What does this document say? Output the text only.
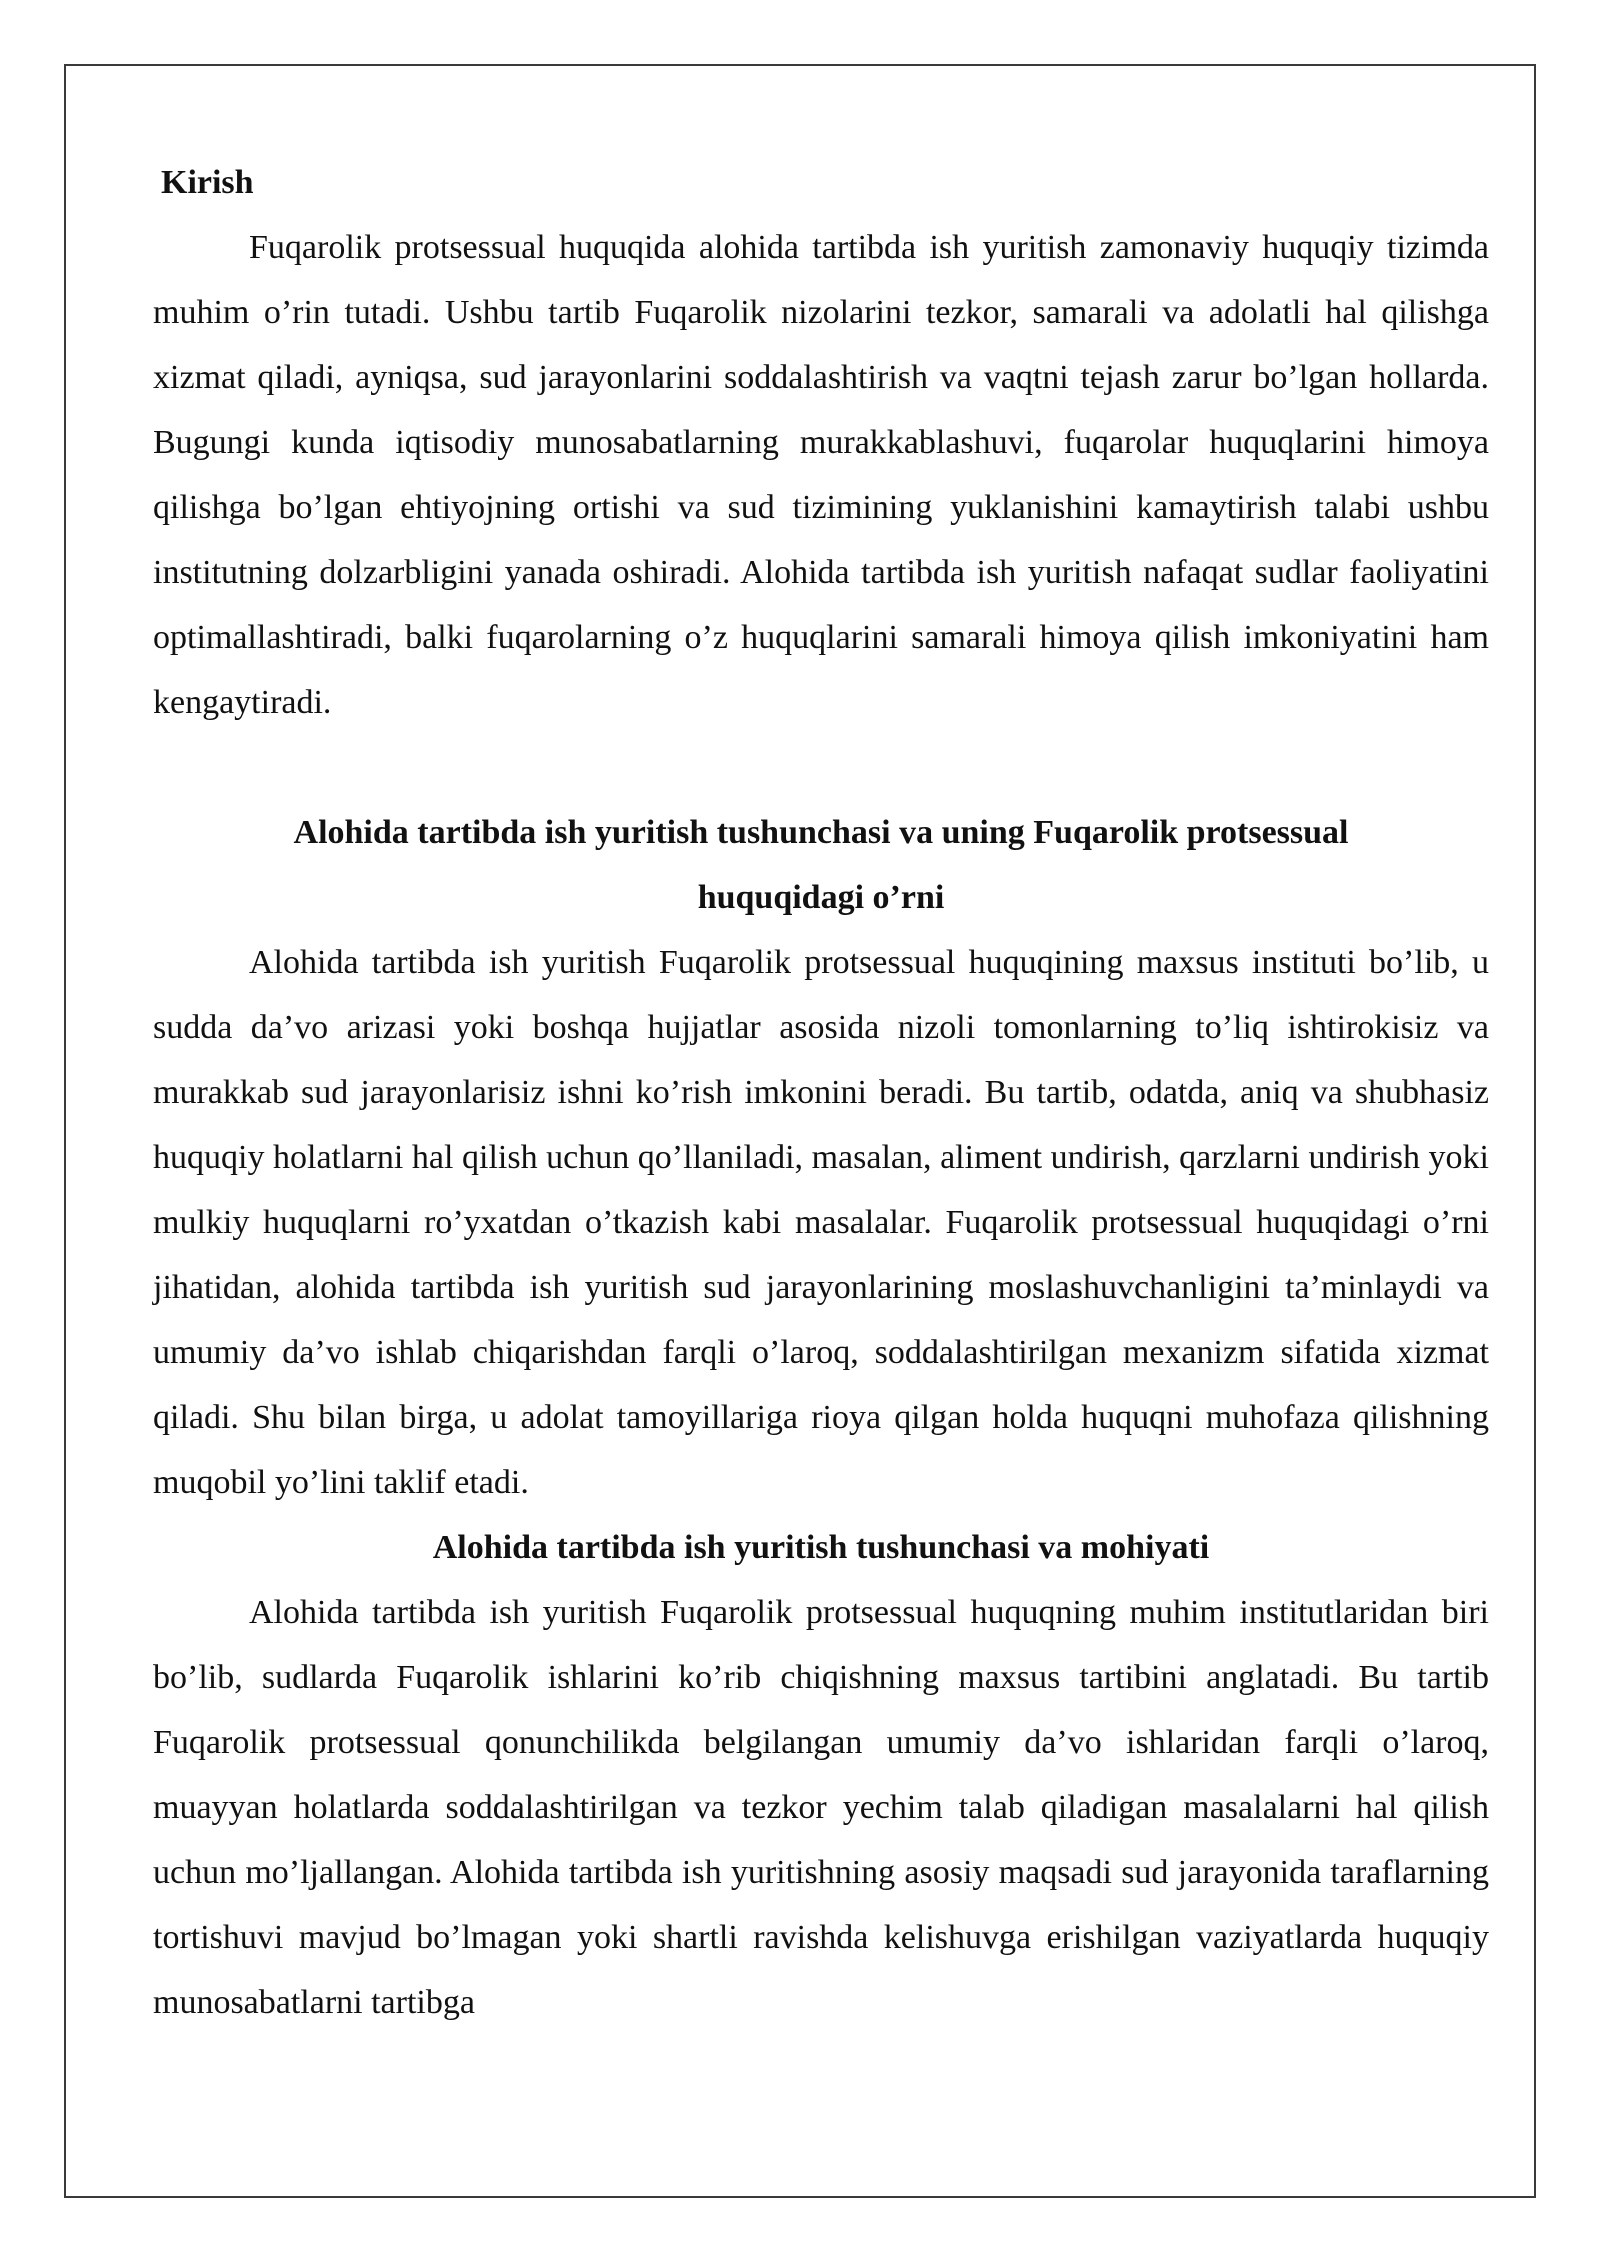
Kirish

Fuqarolik protsessual huquqida alohida tartibda ish yuritish zamonaviy huquqiy tizimda muhim o’rin tutadi. Ushbu tartib Fuqarolik nizolarini tezkor, samarali va adolatli hal qilishga xizmat qiladi, ayniqsa, sud jarayonlarini soddalashtirish va vaqtni tejash zarur bo’lgan hollarda. Bugungi kunda iqtisodiy munosabatlarning murakkablashuvi, fuqarolar huquqlarini himoya qilishga bo’lgan ehtiyojning ortishi va sud tizimining yuklanishini kamaytirish talabi ushbu institutning dolzarbligini yanada oshiradi. Alohida tartibda ish yuritish nafaqat sudlar faoliyatini optimallashtiradi, balki fuqarolarning o’z huquqlarini samarali himoya qilish imkoniyatini ham kengaytiradi.

Alohida tartibda ish yuritish tushunchasi va uning Fuqarolik protsessual

huquqidagi o’rni

Alohida tartibda ish yuritish Fuqarolik protsessual huquqining maxsus instituti bo’lib, u sudda da’vo arizasi yoki boshqa hujjatlar asosida nizoli tomonlarning to’liq ishtirokisiz va murakkab sud jarayonlarisiz ishni ko’rish imkonini beradi. Bu tartib, odatda, aniq va shubhasiz huquqiy holatlarni hal qilish uchun qo’llaniladi, masalan, aliment undirish, qarzlarni undirish yoki mulkiy huquqlarni ro’yxatdan o’tkazish kabi masalalar. Fuqarolik protsessual huquqidagi o’rni jihatidan, alohida tartibda ish yuritish sud jarayonlarining moslashuvchanligini ta’minlaydi va umumiy da’vo ishlab chiqarishdan farqli o’laroq, soddalashtirilgan mexanizm sifatida xizmat qiladi. Shu bilan birga, u adolat tamoyillariga rioya qilgan holda huquqni muhofaza qilishning muqobil yo’lini taklif etadi.

Alohida tartibda ish yuritish tushunchasi va mohiyati

Alohida tartibda ish yuritish Fuqarolik protsessual huquqning muhim institutlaridan biri bo’lib, sudlarda Fuqarolik ishlarini ko’rib chiqishning maxsus tartibini anglatadi. Bu tartib Fuqarolik protsessual qonunchilikda belgilangan umumiy da’vo ishlaridan farqli o’laroq, muayyan holatlarda soddalashtirilgan va tezkor yechim talab qiladigan masalalarni hal qilish uchun mo’ljallangan. Alohida tartibda ish yuritishning asosiy maqsadi sud jarayonida taraflarning tortishuvi mavjud bo’lmagan yoki shartli ravishda kelishuvga erishilgan vaziyatlarda huquqiy munosabatlarni tartibga
